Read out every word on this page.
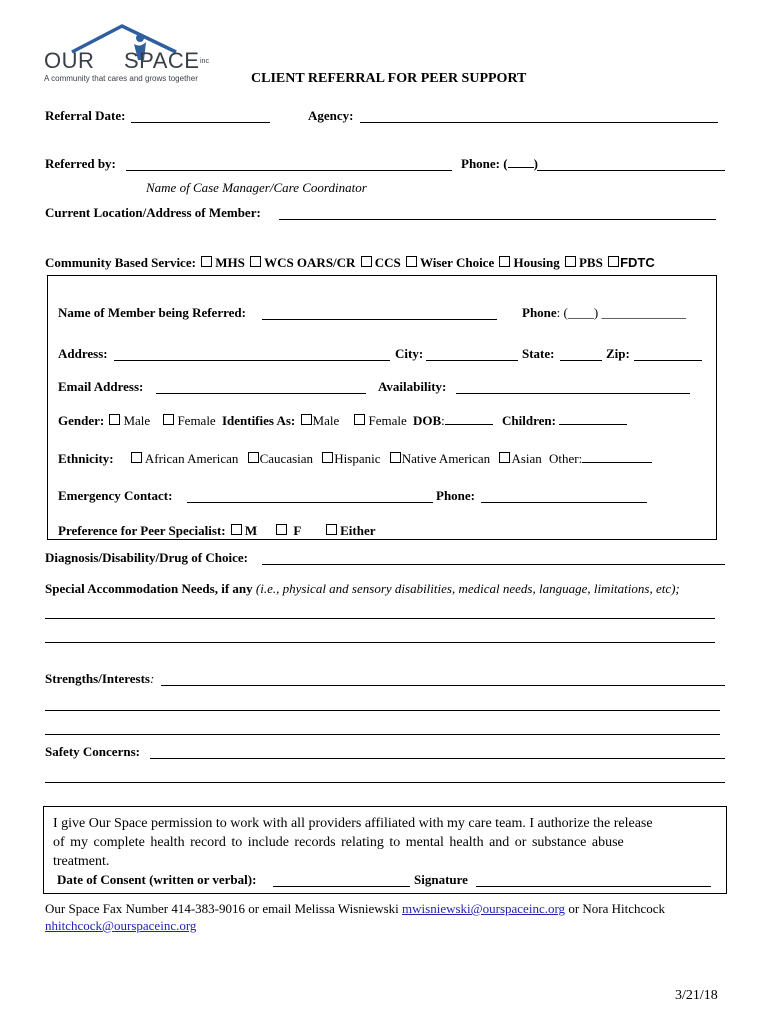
OUR SPACE inc
A community that cares and grows together	CLIENT REFERRAL FOR PEER SUPPORT
Referral Date:	Agency:
Referred by:	Phone: ( )
Name of Case Manager/Care Coordinator
Current Location/Address of Member:
Community Based Service: MHS WCS OARS/CR CCS Wiser Choice Housing PBS FDTC
Name of Member being Referred:	Phone: (____) _____________
Address:	City:	State:	Zip:
Email Address:	Availability:
Gender: Male Female Identifies As: Male Female DOB:	Children:
Ethnicity: African American Caucasian Hispanic Native American Asian Other:
Emergency Contact:	Phone:
Preference for Peer Specialist: M	F	Either
Diagnosis/Disability/Drug of Choice:
Special Accommodation Needs, if any (i.e., physical and sensory disabilities, medical needs, language, limitations, etc);
Strengths/Interests:
Safety Concerns:
I give Our Space permission to work with all providers affiliated with my care team. I authorize the release
of my complete health record to include records relating to mental health and or substance abuse
treatment.
Date of Consent (written or verbal):	Signature
Our Space Fax Number 414-383-9016 or email Melissa Wisniewski mwisniewski@ourspaceinc.org or Nora Hitchcock
nhitchcock@ourspaceinc.org
3/21/18
